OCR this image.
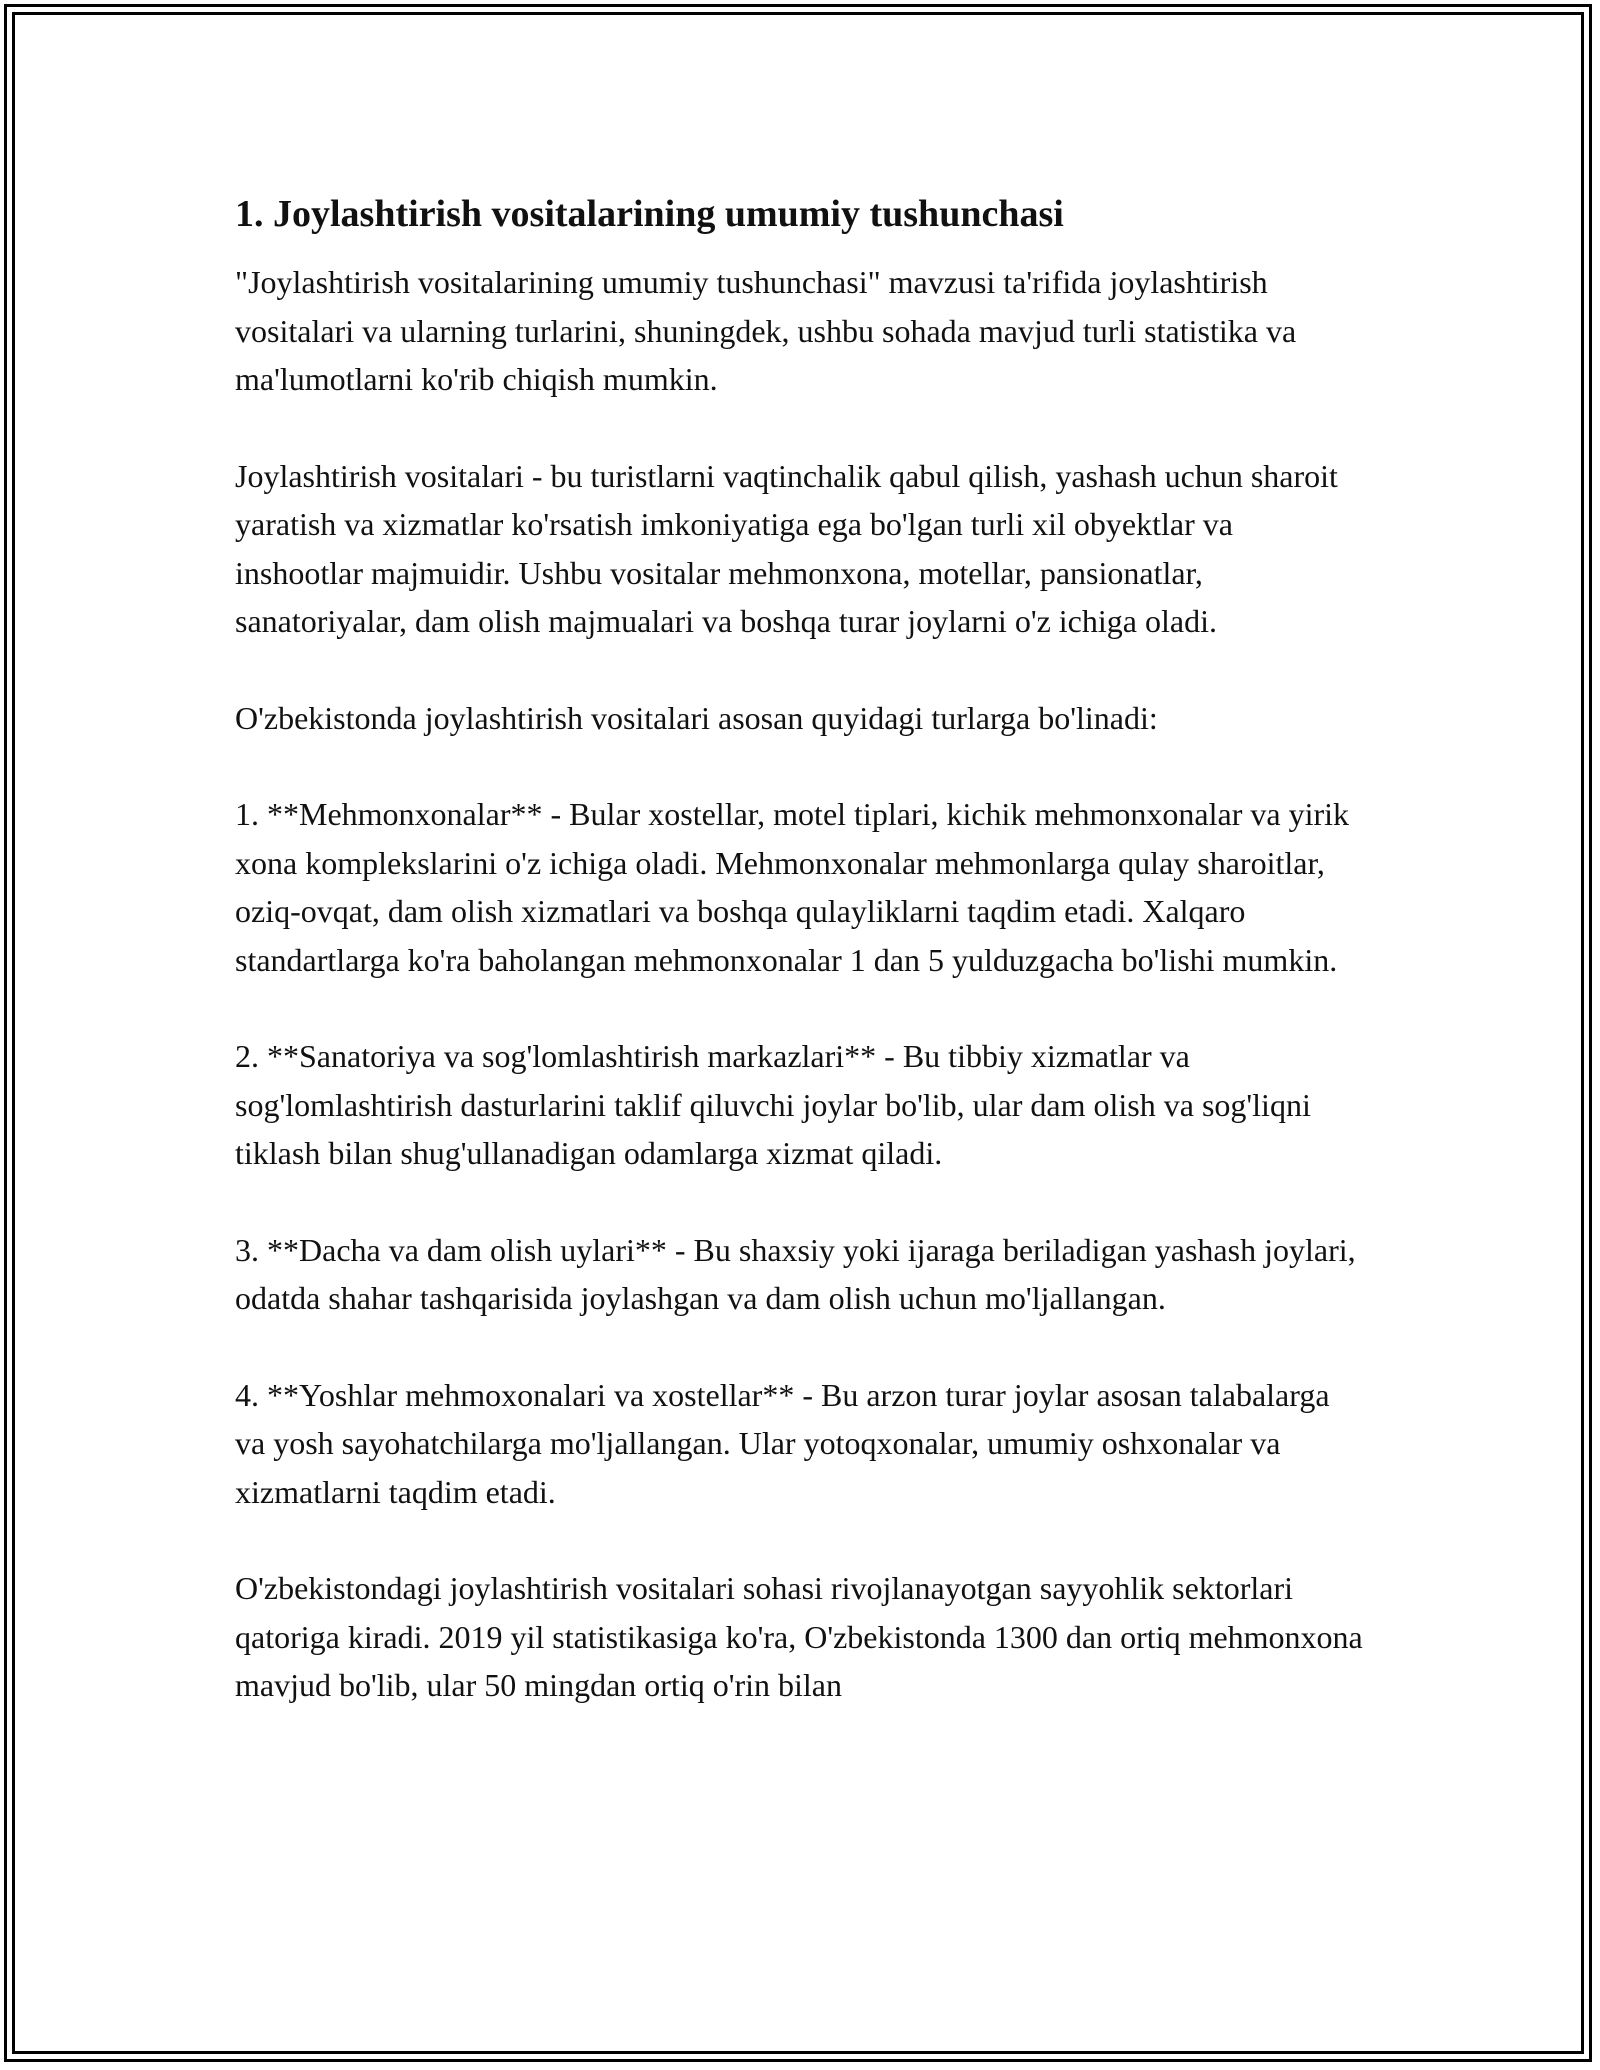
1. Joylashtirish vositalarining umumiy tushunchasi

"Joylashtirish vositalarining umumiy tushunchasi" mavzusi ta'rifida joylashtirish vositalari va ularning turlarini, shuningdek, ushbu sohada mavjud turli statistika va ma'lumotlarni ko'rib chiqish mumkin.

Joylashtirish vositalari - bu turistlarni vaqtinchalik qabul qilish, yashash uchun sharoit yaratish va xizmatlar ko'rsatish imkoniyatiga ega bo'lgan turli xil obyektlar va inshootlar majmuidir. Ushbu vositalar mehmonxona, motellar, pansionatlar, sanatoriyalar, dam olish majmualari va boshqa turar joylarni o'z ichiga oladi.

O'zbekistonda joylashtirish vositalari asosan quyidagi turlarga bo'linadi:

1. **Mehmonxonalar** - Bular xostellar, motel tiplari, kichik mehmonxonalar va yirik xona komplekslarini o'z ichiga oladi. Mehmonxonalar mehmonlarga qulay sharoitlar, oziq-ovqat, dam olish xizmatlari va boshqa qulayliklarni taqdim etadi. Xalqaro standartlarga ko'ra baholangan mehmonxonalar 1 dan 5 yulduzgacha bo'lishi mumkin.

2. **Sanatoriya va sog'lomlashtirish markazlari** - Bu tibbiy xizmatlar va sog'lomlashtirish dasturlarini taklif qiluvchi joylar bo'lib, ular dam olish va sog'liqni tiklash bilan shug'ullanadigan odamlarga xizmat qiladi.

3. **Dacha va dam olish uylari** - Bu shaxsiy yoki ijaraga beriladigan yashash joylari, odatda shahar tashqarisida joylashgan va dam olish uchun mo'ljallangan.

4. **Yoshlar mehmoxonalari va xostellar** - Bu arzon turar joylar asosan talabalarga va yosh sayohatchilarga mo'ljallangan. Ular yotoqxonalar, umumiy oshxonalar va xizmatlarni taqdim etadi.

O'zbekistondagi joylashtirish vositalari sohasi rivojlanayotgan sayyohlik sektorlari qatoriga kiradi. 2019 yil statistikasiga ko'ra, O'zbekistonda 1300 dan ortiq mehmonxona mavjud bo'lib, ular 50 mingdan ortiq o'rin bilan
